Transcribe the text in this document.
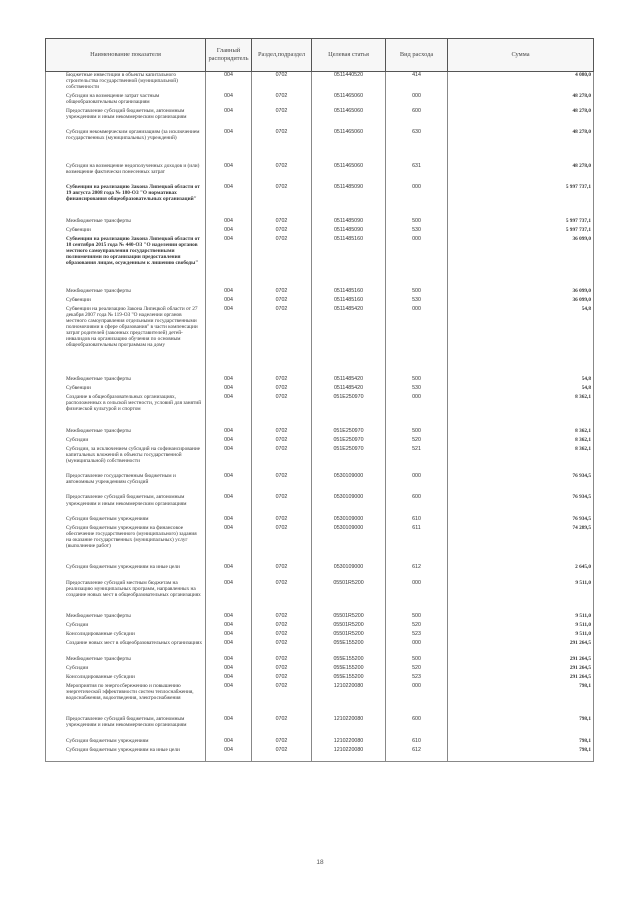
Наименование показателя	Главный распорядитель	Раздел,подраздел	Целевая статья	Вид расхода	Сумма
Бюджетные инвестиции в объекты капитального строительства государственной (муниципальной) собственности	004	0702	0511440520	414	4 080,0
Субсидии на возмещение затрат частным общеобразовательным организациям	004	0702	0511465060	000	48 278,0
Предоставление субсидий бюджетным, автономным учреждениям и иным некоммерческим организациям	004	0702	0511465060	600	48 278,0
Субсидии некоммерческим организациям (за исключением государственных (муниципальных) учреждений)	004	0702	0511465060	630	48 278,0
Субсидии на возмещение недополученных доходов и (или) возмещение фактически понесенных затрат	004	0702	0511465060	631	48 278,0
Субвенции на реализацию Закона Липецкой области от 19 августа 2008 года № 180-ОЗ "О нормативах финансирования общеобразовательных организаций"	004	0702	0511485090	000	5 997 737,1
Межбюджетные трансферты	004	0702	0511485090	500	5 997 737,1
Субвенции	004	0702	0511485090	530	5 997 737,1
Субвенции на реализацию Закона Липецкой области от 18 сентября 2015 года № 440-ОЗ "О наделении органов местного самоуправления государственными полномочиями по организации предоставления образования лицам, осужденным к лишению свободы"	004	0702	0511485160	000	36 099,0
Межбюджетные трансферты	004	0702	0511485160	500	36 099,0
Субвенции	004	0702	0511485160	530	36 099,0
Субвенции на реализацию Закона Липецкой области от 27 декабря 2007 года № 119-ОЗ "О наделении органов местного самоуправления отдельными государственными полномочиями в сфере образования" в части компенсации затрат родителей (законных представителей) детей-инвалидов на организацию обучения по основным общеобразовательным программам на дому	004	0702	0511485420	000	54,8
Межбюджетные трансферты	004	0702	0511485420	500	54,8
Субвенции	004	0702	0511485420	530	54,8
Создание в общеобразовательных организациях, расположенных в сельской местности, условий для занятий физической культурой и спортом	004	0702	051E250970	000	8 362,1
Межбюджетные трансферты	004	0702	051E250970	500	8 362,1
Субсидии	004	0702	051E250970	520	8 362,1
Субсидии, за исключением субсидий на софинансирование капитальных вложений в объекты государственной (муниципальной) собственности	004	0702	051E250970	521	8 362,1
Предоставление государственным бюджетным и автономным учреждениям субсидий	004	0702	0530109000	000	76 934,5
Предоставление субсидий бюджетным, автономным учреждениям и иным некоммерческим организациям	004	0702	0530109000	600	76 934,5
Субсидии бюджетным учреждениям	004	0702	0530109000	610	76 934,5
Субсидии бюджетным учреждениям на финансовое обеспечение государственного (муниципального) задания на оказание государственных (муниципальных) услуг (выполнение работ)	004	0702	0530109000	611	74 289,5
Субсидии бюджетным учреждениям на иные цели	004	0702	0530109000	612	2 645,0
Предоставление субсидий местным бюджетам на реализацию муниципальных программ, направленных на создание новых мест в общеобразовательных организациях	004	0702	05501R5200	000	9 511,0
Межбюджетные трансферты	004	0702	05501R5200	500	9 511,0
Субсидии	004	0702	05501R5200	520	9 511,0
Консолидированные субсидии	004	0702	05501R5200	523	9 511,0
Создание новых мест в общеобразовательных организациях	004	0702	055E155200	000	291 264,5
Межбюджетные трансферты	004	0702	055E155200	500	291 264,5
Субсидии	004	0702	055E155200	520	291 264,5
Консолидированные субсидии	004	0702	055E155200	523	291 264,5
Мероприятия по энергосбережению и повышению энергетической эффективности систем теплоснабжения, водоснабжения, водоотведения, электроснабжения	004	0702	1210220080	000	798,1
Предоставление субсидий бюджетным, автономным учреждениям и иным некоммерческим организациям	004	0702	1210220080	600	798,1
Субсидии бюджетным учреждениям	004	0702	1210220080	610	798,1
Субсидии бюджетным учреждениям на иные цели	004	0702	1210220080	612	798,1
18
